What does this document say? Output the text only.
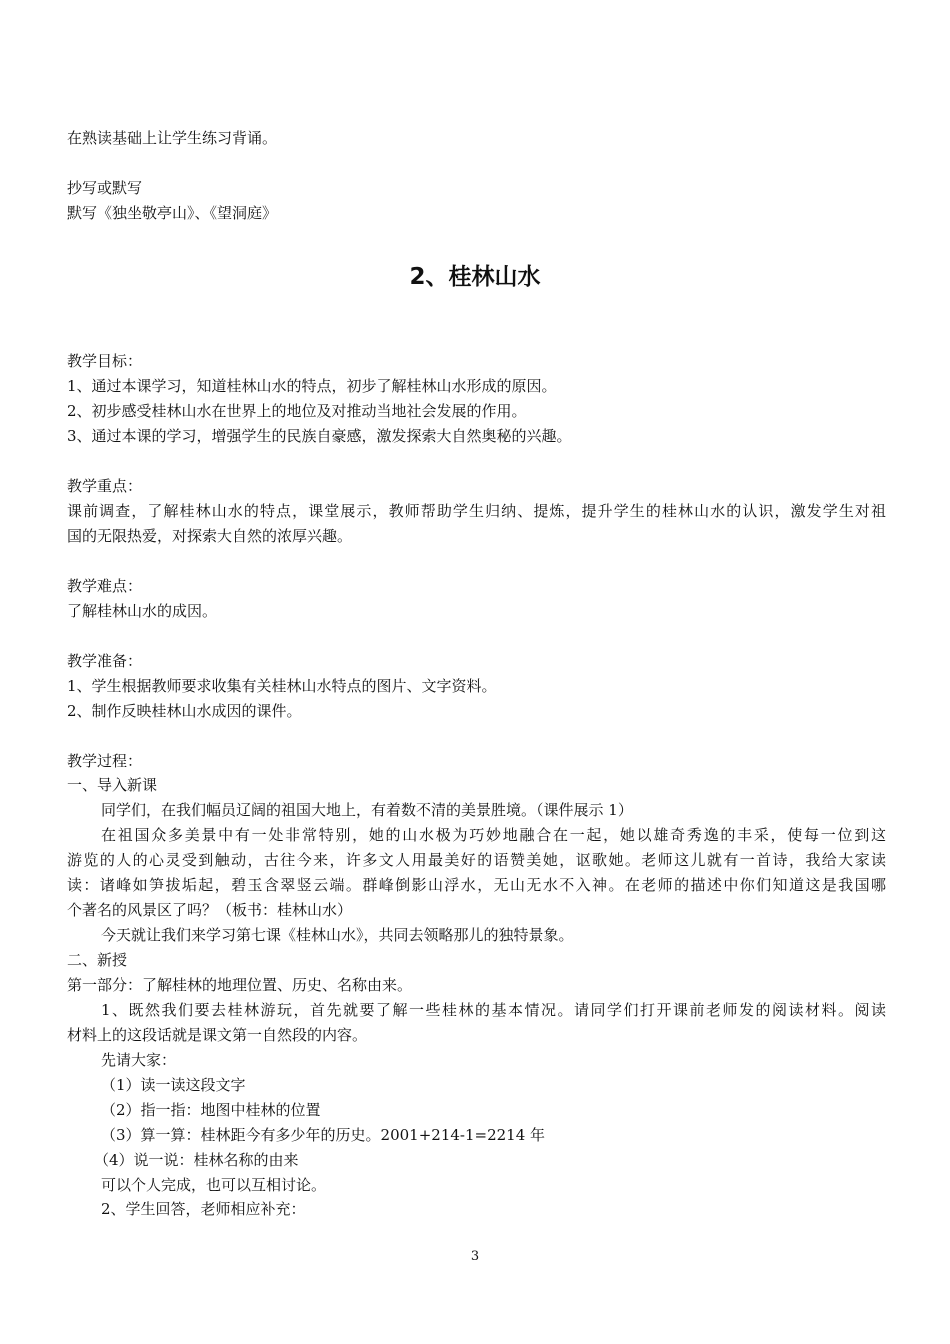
在熟读基础上让学生练习背诵。
抄写或默写
默写《独坐敬亭山》、《望洞庭》
2、桂林山水
教学目标：
1、通过本课学习，知道桂林山水的特点，初步了解桂林山水形成的原因。
2、初步感受桂林山水在世界上的地位及对推动当地社会发展的作用。
3、通过本课的学习，增强学生的民族自豪感，激发探索大自然奥秘的兴趣。
教学重点：
课前调查，了解桂林山水的特点，课堂展示，教师帮助学生归纳、提炼，提升学生的桂林山水的认识，激发学生对祖
国的无限热爱，对探索大自然的浓厚兴趣。
教学难点：
了解桂林山水的成因。
教学准备：
1、学生根据教师要求收集有关桂林山水特点的图片、文字资料。
2、制作反映桂林山水成因的课件。
教学过程：
一、导入新课
同学们，在我们幅员辽阔的祖国大地上，有着数不清的美景胜境。（课件展示 1）
在祖国众多美景中有一处非常特别，她的山水极为巧妙地融合在一起，她以雄奇秀逸的丰采，使每一位到这
游览的人的心灵受到触动，古往今来，许多文人用最美好的语赞美她，讴歌她。老师这儿就有一首诗，我给大家读
读：诸峰如笋拔垢起，碧玉含翠竖云端。群峰倒影山浮水，无山无水不入神。在老师的描述中你们知道这是我国哪
个著名的风景区了吗？（板书：桂林山水）
今天就让我们来学习第七课《桂林山水》，共同去领略那儿的独特景象。
二、新授
第一部分：了解桂林的地理位置、历史、名称由来。
1、既然我们要去桂林游玩，首先就要了解一些桂林的基本情况。请同学们打开课前老师发的阅读材料。阅读
材料上的这段话就是课文第一自然段的内容。
先请大家：
（1）读一读这段文字
（2）指一指：地图中桂林的位置
（3）算一算：桂林距今有多少年的历史。2001+214-1=2214 年
（4）说一说：桂林名称的由来
可以个人完成，也可以互相讨论。
2、学生回答，老师相应补充：
3
